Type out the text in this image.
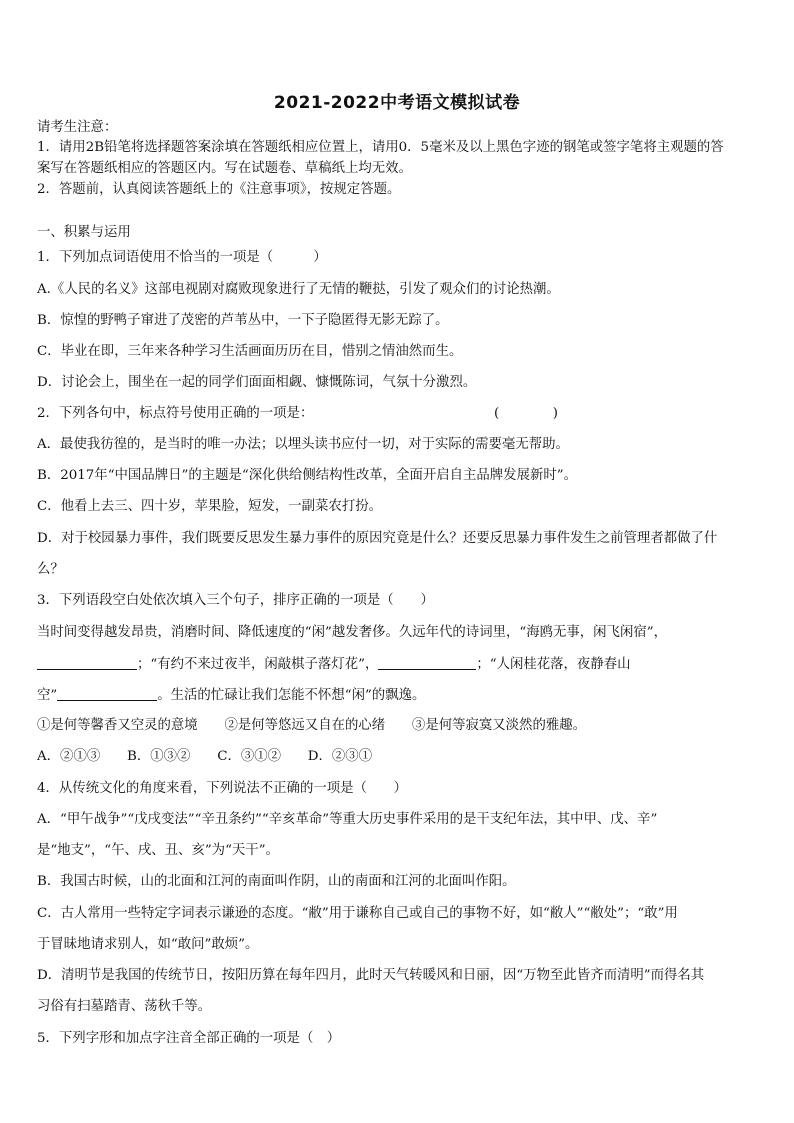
2021-2022中考语文模拟试卷
请考生注意：
1．请用2B铅笔将选择题答案涂填在答题纸相应位置上，请用0．5毫米及以上黑色字迹的钢笔或签字笔将主观题的答
案写在答题纸相应的答题区内。写在试题卷、草稿纸上均无效。
2．答题前，认真阅读答题纸上的《注意事项》，按规定答题。
一、积累与运用
1．下列加点词语使用不恰当的一项是（　　　）
A.《人民的名义》这部电视剧对腐败现象进行了无情的鞭挞，引发了观众们的讨论热潮。
B．惊惶的野鸭子窜进了茂密的芦苇丛中，一下子隐匿得无影无踪了。
C．毕业在即，三年来各种学习生活画面历历在目，惜别之情油然而生。
D．讨论会上，围坐在一起的同学们面面相觑、慷慨陈词，气氛十分激烈。
2．下列各句中，标点符号使用正确的一项是：	(　　　　)
A．最使我彷徨的，是当时的唯一办法；以埋头读书应付一切，对于实际的需要毫无帮助。
B．2017年“中国品牌日”的主题是“深化供给侧结构性改革，全面开启自主品牌发展新时”。
C．他看上去三、四十岁，苹果脸，短发，一副菜农打扮。
D．对于校园暴力事件，我们既要反思发生暴力事件的原因究竟是什么？还要反思暴力事件发生之前管理者都做了什
么？
3．下列语段空白处依次填入三个句子，排序正确的一项是（　　）
当时间变得越发昂贵，消磨时间、降低速度的“闲”越发奢侈。久远年代的诗词里，“海鸥无事，闲飞闲宿”，
；“有约不来过夜半，闲敲棋子落灯花”，	；“人闲桂花落，夜静春山
空”	。生活的忙碌让我们怎能不怀想“闲”的飘逸。
①是何等馨香又空灵的意境　　②是何等悠远又自在的心绪　　③是何等寂寞又淡然的雅趣。
A．②①③　　B．①③②　　C．③①②　　D．②③①
4．从传统文化的角度来看，下列说法不正确的一项是（　　）
A．“甲午战争”“戊戌变法”“辛丑条约”“辛亥革命”等重大历史事件采用的是干支纪年法，其中甲、戊、辛”
是“地支”，“午、戌、丑、亥”为“天干”。
B．我国古时候，山的北面和江河的南面叫作阴，山的南面和江河的北面叫作阳。
C．古人常用一些特定字词表示谦逊的态度。“敝”用于谦称自己或自己的事物不好，如“敝人”“敝处”；“敢”用
于冒昧地请求别人，如“敢问”敢烦”。
D．清明节是我国的传统节日，按阳历算在每年四月，此时天气转暖风和日丽，因“万物至此皆齐而清明”而得名其
习俗有扫墓踏青、荡秋千等。
5．下列字形和加点字注音全部正确的一项是（　）
